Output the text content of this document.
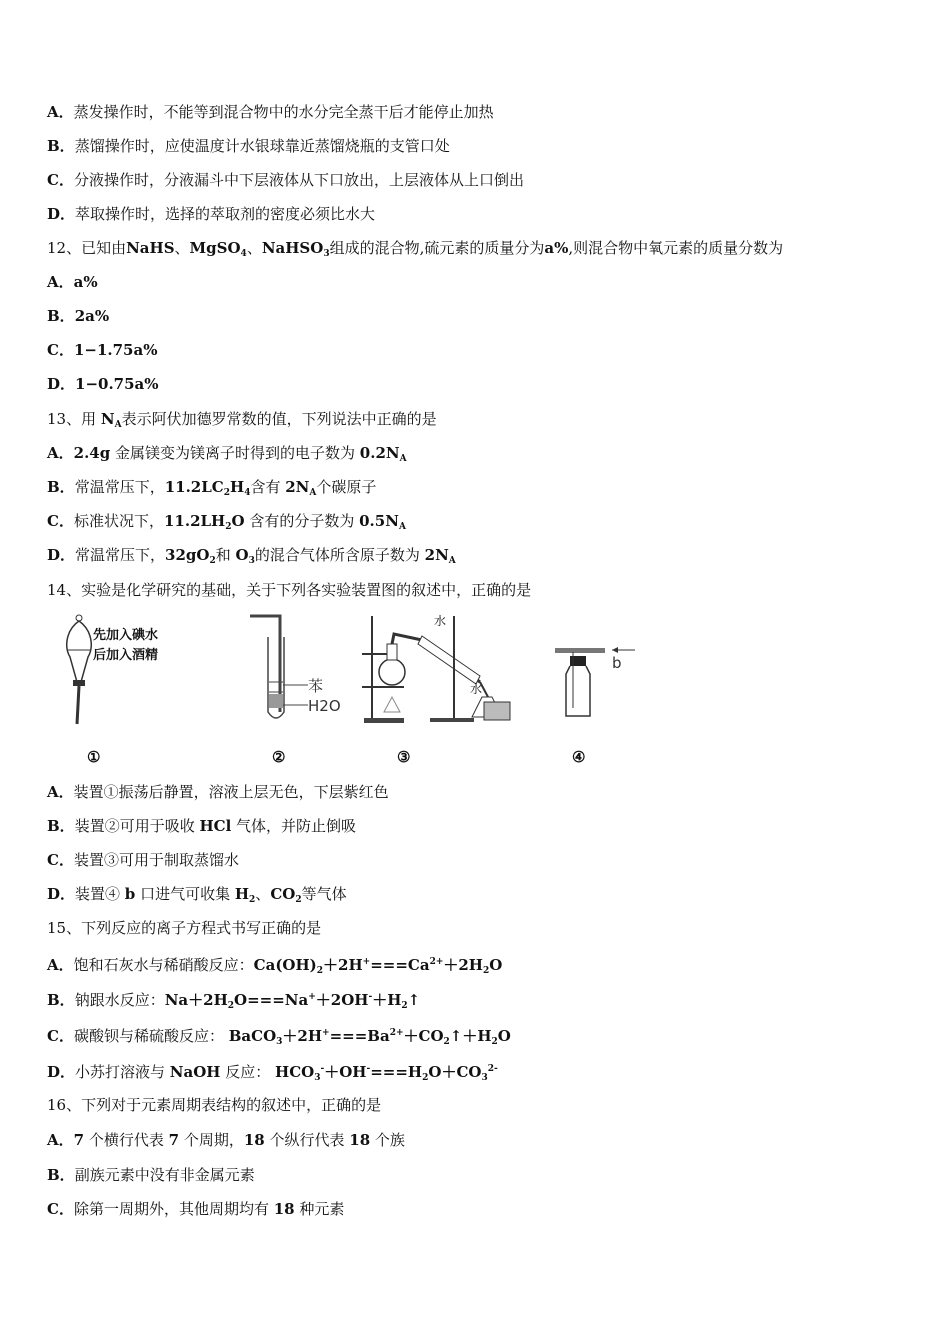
A．蒸发操作时，不能等到混合物中的水分完全蒸干后才能停止加热
B．蒸馏操作时，应使温度计水银球靠近蒸馏烧瓶的支管口处
C．分液操作时，分液漏斗中下层液体从下口放出，上层液体从上口倒出
D．萃取操作时，选择的萃取剂的密度必须比水大
12、已知由NaHS、MgSO$_4$、NaHSO$_3$组成的混合物,硫元素的质量分为a%,则混合物中氧元素的质量分数为
A．a%
B．2a%
C．1−1.75a%
D．1−0.75a%
13、用 $N_A$表示阿伏加德罗常数的值，下列说法中正确的是
A．2.4g 金属镁变为镁离子时得到的电子数为 $0.2N_A$
B．常温常压下，$11.2LC_2H_4$含有 $2N_A$个碳原子
C．标准状况下，$11.2LH_2O$ 含有的分子数为 $0.5N_A$
D．常温常压下，$32gO_2$和 $O_3$的混合气体所含原子数为 $2N_A$
14、实验是化学研究的基础，关于下列各实验装置图的叙述中，正确的是
A．装置①振荡后静置，溶液上层无色，下层紫红色
B．装置②可用于吸收 HCl 气体，并防止倒吸
C．装置③可用于制取蒸馏水
D．装置④ b 口进气可收集 $H_2$、$CO_2$等气体
15、下列反应的离子方程式书写正确的是
A．饱和石灰水与稀硝酸反应：$Ca(OH)_2+2H^+===Ca^{2+}+2H_2O$
B．钠跟水反应：$Na+2H_2O===Na^++2OH^-+H_2↑$
C．碳酸钡与稀硫酸反应： $BaCO_3+2H^+===Ba^{2+}+CO_2↑+H_2O$
D．小苏打溶液与 NaOH 反应： $HCO_3^-+OH^-===H_2O+CO_3^{2-}$
16、下列对于元素周期表结构的叙述中，正确的是
A．7 个横行代表 7 个周期，18 个纵行代表 18 个族
B．副族元素中没有非金属元素
C．除第一周期外，其他周期均有 18 种元素
先加入碘水
后加入酒精
苯
H2O
水
水
b
①	②	③	④
